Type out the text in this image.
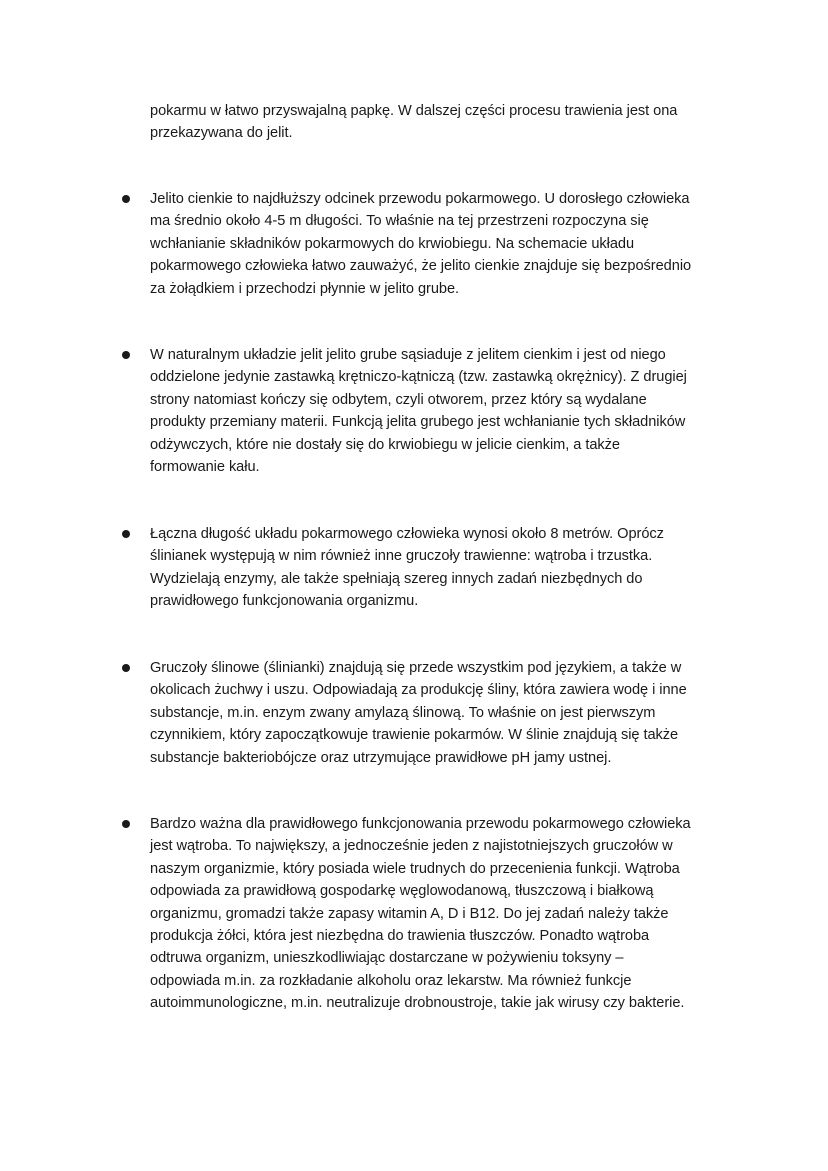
pokarmu w łatwo przyswajalną papkę. W dalszej części procesu trawienia jest ona
przekazywana do jelit.
Jelito cienkie to najdłuższy odcinek przewodu pokarmowego. U dorosłego człowieka
ma średnio około 4-5 m długości. To właśnie na tej przestrzeni rozpoczyna się
wchłanianie składników pokarmowych do krwiobiegu. Na schemacie układu
pokarmowego człowieka łatwo zauważyć, że jelito cienkie znajduje się bezpośrednio
za żołądkiem i przechodzi płynnie w jelito grube.
W naturalnym układzie jelit jelito grube sąsiaduje z jelitem cienkim i jest od niego
oddzielone jedynie zastawką krętniczo-kątniczą (tzw. zastawką okrężnicy). Z drugiej
strony natomiast kończy się odbytem, czyli otworem, przez który są wydalane
produkty przemiany materii. Funkcją jelita grubego jest wchłanianie tych składników
odżywczych, które nie dostały się do krwiobiegu w jelicie cienkim, a także
formowanie kału.
Łączna długość układu pokarmowego człowieka wynosi około 8 metrów. Oprócz
ślinianek występują w nim również inne gruczoły trawienne: wątroba i trzustka.
Wydzielają enzymy, ale także spełniają szereg innych zadań niezbędnych do
prawidłowego funkcjonowania organizmu.
Gruczoły ślinowe (ślinianki) znajdują się przede wszystkim pod językiem, a także w
okolicach żuchwy i uszu. Odpowiadają za produkcję śliny, która zawiera wodę i inne
substancje, m.in. enzym zwany amylazą ślinową. To właśnie on jest pierwszym
czynnikiem, który zapoczątkowuje trawienie pokarmów. W ślinie znajdują się także
substancje bakteriobójcze oraz utrzymujące prawidłowe pH jamy ustnej.
Bardzo ważna dla prawidłowego funkcjonowania przewodu pokarmowego człowieka
jest wątroba. To największy, a jednocześnie jeden z najistotniejszych gruczołów w
naszym organizmie, który posiada wiele trudnych do przecenienia funkcji. Wątroba
odpowiada za prawidłową gospodarkę węglowodanową, tłuszczową i białkową
organizmu, gromadzi także zapasy witamin A, D i B12. Do jej zadań należy także
produkcja żółci, która jest niezbędna do trawienia tłuszczów. Ponadto wątroba
odtruwa organizm, unieszkodliwiając dostarczane w pożywieniu toksyny –
odpowiada m.in. za rozkładanie alkoholu oraz lekarstw. Ma również funkcje
autoimmunologiczne, m.in. neutralizuje drobnoustroje, takie jak wirusy czy bakterie.
